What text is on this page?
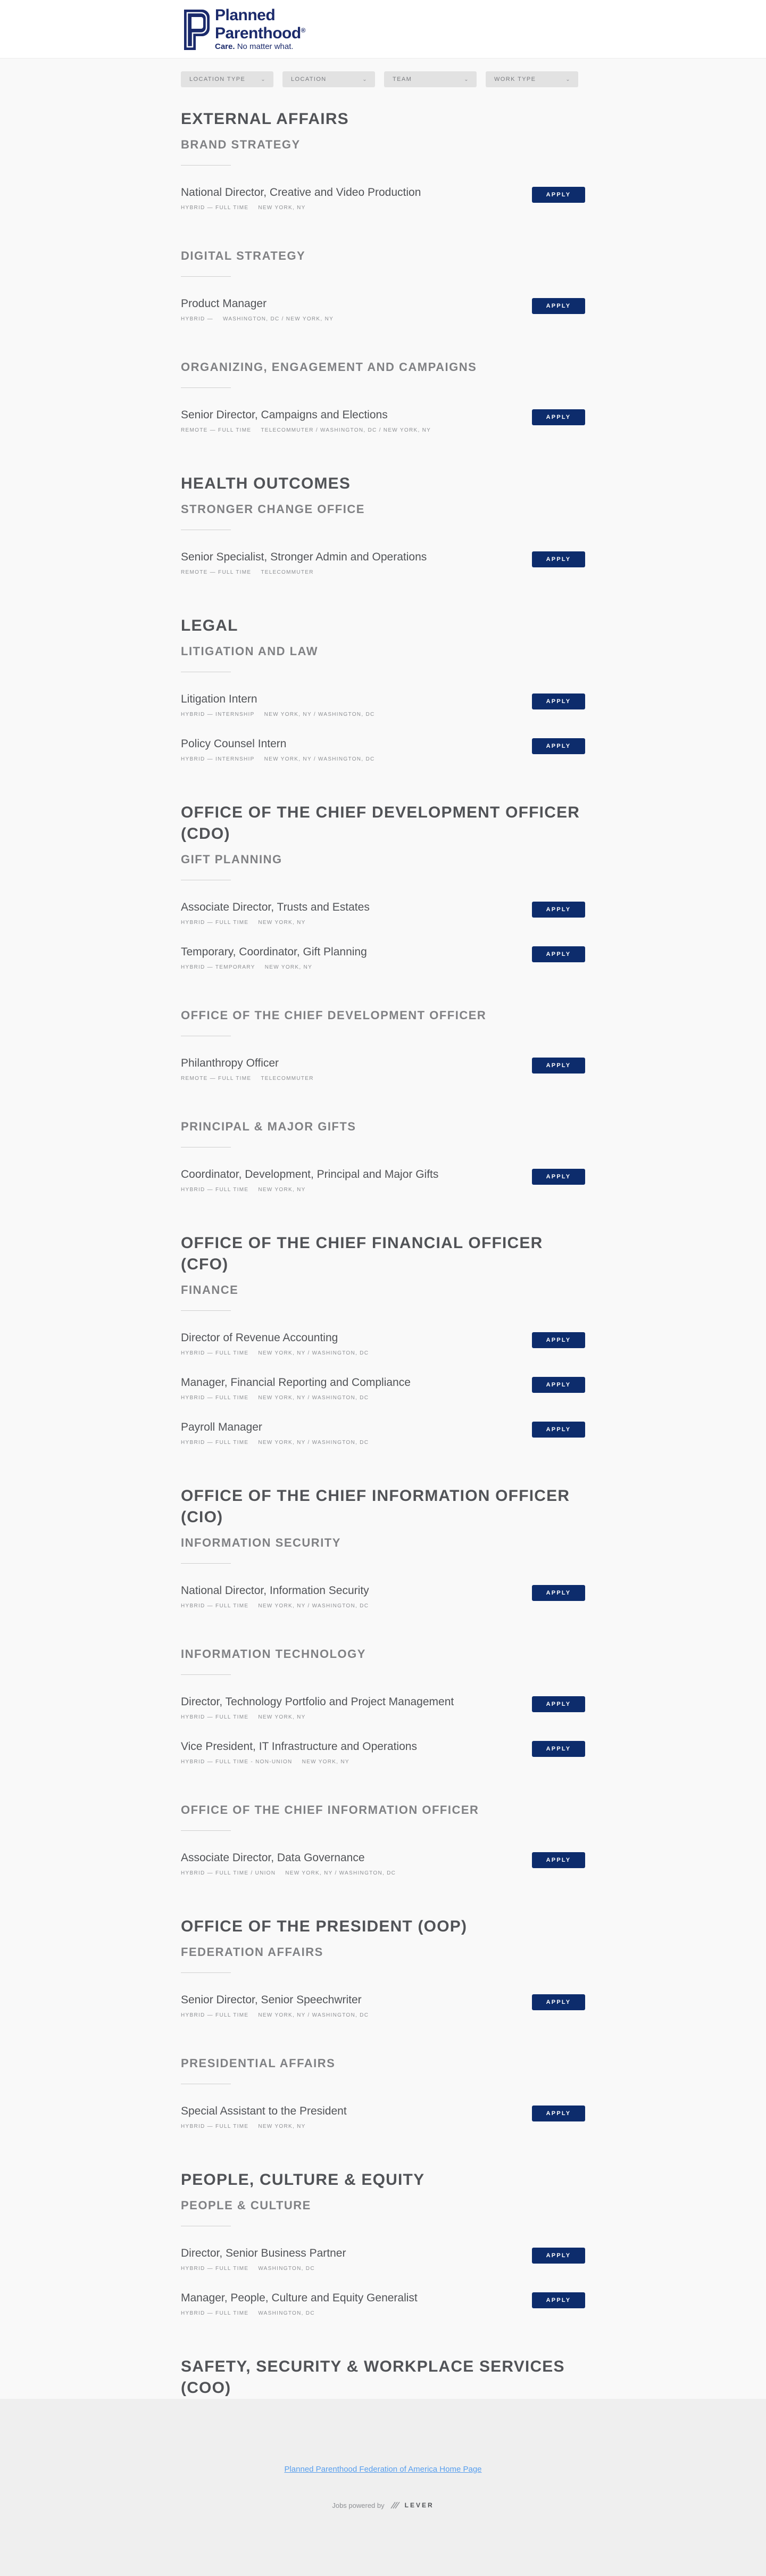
Planned
Parenthood®
Care. No matter what.
LOCATION TYPE	⌄	LOCATION	⌄	TEAM	⌄	WORK TYPE	⌄
EXTERNAL AFFAIRS
BRAND STRATEGY
National Director, Creative and Video Production
HYBRID — FULL TIME NEW YORK, NY
APPLY
DIGITAL STRATEGY
Product Manager
HYBRID — WASHINGTON, DC / NEW YORK, NY
APPLY
ORGANIZING, ENGAGEMENT AND CAMPAIGNS
Senior Director, Campaigns and Elections
REMOTE — FULL TIME TELECOMMUTER / WASHINGTON, DC / NEW YORK, NY
APPLY
HEALTH OUTCOMES
STRONGER CHANGE OFFICE
Senior Specialist, Stronger Admin and Operations
REMOTE — FULL TIME TELECOMMUTER
APPLY
LEGAL
LITIGATION AND LAW
Litigation Intern
HYBRID — INTERNSHIP NEW YORK, NY / WASHINGTON, DC
APPLY
Policy Counsel Intern
HYBRID — INTERNSHIP NEW YORK, NY / WASHINGTON, DC
APPLY
OFFICE OF THE CHIEF DEVELOPMENT OFFICER (CDO)
GIFT PLANNING
Associate Director, Trusts and Estates
HYBRID — FULL TIME NEW YORK, NY
APPLY
Temporary, Coordinator, Gift Planning
HYBRID — TEMPORARY NEW YORK, NY
APPLY
OFFICE OF THE CHIEF DEVELOPMENT OFFICER
Philanthropy Officer
REMOTE — FULL TIME TELECOMMUTER
APPLY
PRINCIPAL & MAJOR GIFTS
Coordinator, Development, Principal and Major Gifts
HYBRID — FULL TIME NEW YORK, NY
APPLY
OFFICE OF THE CHIEF FINANCIAL OFFICER (CFO)
FINANCE
Director of Revenue Accounting
HYBRID — FULL TIME NEW YORK, NY / WASHINGTON, DC
APPLY
Manager, Financial Reporting and Compliance
HYBRID — FULL TIME NEW YORK, NY / WASHINGTON, DC
APPLY
Payroll Manager
HYBRID — FULL TIME NEW YORK, NY / WASHINGTON, DC
APPLY
OFFICE OF THE CHIEF INFORMATION OFFICER (CIO)
INFORMATION SECURITY
National Director, Information Security
HYBRID — FULL TIME NEW YORK, NY / WASHINGTON, DC
APPLY
INFORMATION TECHNOLOGY
Director, Technology Portfolio and Project Management
HYBRID — FULL TIME NEW YORK, NY
APPLY
Vice President, IT Infrastructure and Operations
HYBRID — FULL TIME - NON-UNION NEW YORK, NY
APPLY
OFFICE OF THE CHIEF INFORMATION OFFICER
Associate Director, Data Governance
HYBRID — FULL TIME / UNION NEW YORK, NY / WASHINGTON, DC
APPLY
OFFICE OF THE PRESIDENT (OOP)
FEDERATION AFFAIRS
Senior Director, Senior Speechwriter
HYBRID — FULL TIME NEW YORK, NY / WASHINGTON, DC
APPLY
PRESIDENTIAL AFFAIRS
Special Assistant to the President
HYBRID — FULL TIME NEW YORK, NY
APPLY
PEOPLE, CULTURE & EQUITY
PEOPLE & CULTURE
Director, Senior Business Partner
HYBRID — FULL TIME WASHINGTON, DC
APPLY
Manager, People, Culture and Equity Generalist
HYBRID — FULL TIME WASHINGTON, DC
APPLY
SAFETY, SECURITY & WORKPLACE SERVICES (COO)
Planned Parenthood Federation of America Home Page
Jobs powered by	LEVER
